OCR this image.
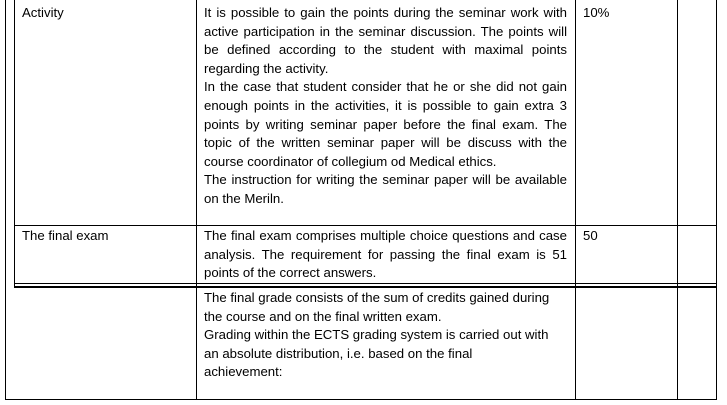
Activity	It is possible to gain the points during the seminar work with active participation in the seminar discussion. The points will be defined according to the student with maximal points regarding the activity.

In the case that student consider that he or she did not gain enough points in the activities, it is possible to gain extra 3 points by writing seminar paper before the final exam. The topic of the written seminar paper will be discuss with the course coordinator of collegium od Medical ethics.

The instruction for writing the seminar paper will be available on the Meriln.

10%
The final exam	The final exam comprises multiple choice questions and case analysis. The requirement for passing the final exam is 51 points of the correct answers.

50

The final grade consists of the sum of credits gained during

the course and on the final written exam.

Grading within the ECTS grading system is carried out with

an absolute distribution, i.e. based on the final

achievement:
